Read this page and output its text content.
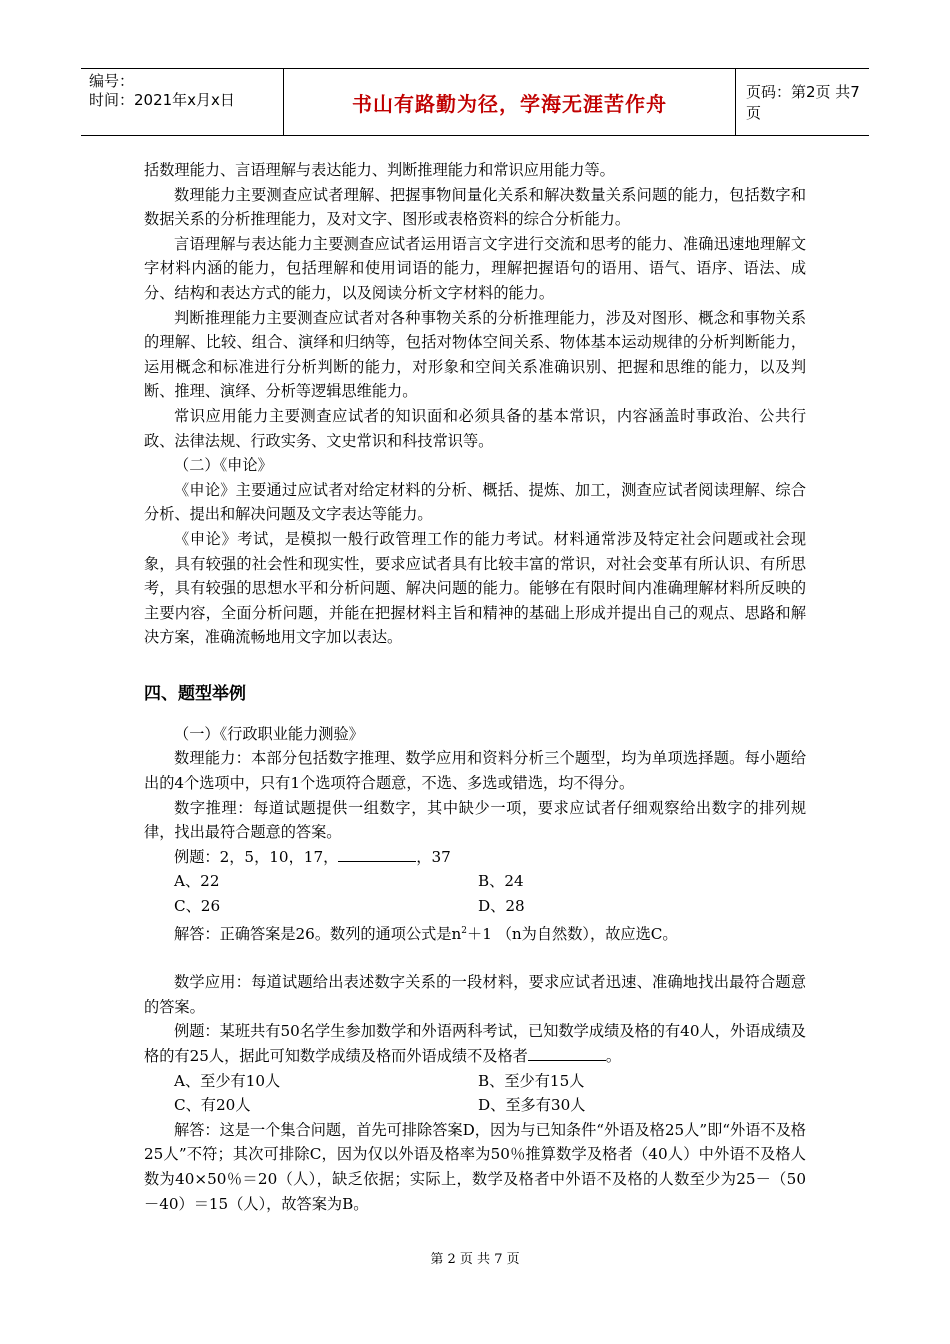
编号：
时间：2021年x月x日	书山有路勤为径，学海无涯苦作舟	页码：第2页 共7页

括数理能力、言语理解与表达能力、判断推理能力和常识应用能力等。

数理能力主要测查应试者理解、把握事物间量化关系和解决数量关系问题的能力，包括数字和数据关系的分析推理能力，及对文字、图形或表格资料的综合分析能力。

言语理解与表达能力主要测查应试者运用语言文字进行交流和思考的能力、准确迅速地理解文字材料内涵的能力，包括理解和使用词语的能力，理解把握语句的语用、语气、语序、语法、成分、结构和表达方式的能力，以及阅读分析文字材料的能力。

判断推理能力主要测查应试者对各种事物关系的分析推理能力，涉及对图形、概念和事物关系的理解、比较、组合、演绎和归纳等，包括对物体空间关系、物体基本运动规律的分析判断能力，运用概念和标准进行分析判断的能力，对形象和空间关系准确识别、把握和思维的能力，以及判断、推理、演绎、分析等逻辑思维能力。

常识应用能力主要测查应试者的知识面和必须具备的基本常识，内容涵盖时事政治、公共行政、法律法规、行政实务、文史常识和科技常识等。

（二）《申论》

《申论》主要通过应试者对给定材料的分析、概括、提炼、加工，测查应试者阅读理解、综合分析、提出和解决问题及文字表达等能力。

《申论》考试，是模拟一般行政管理工作的能力考试。材料通常涉及特定社会问题或社会现象，具有较强的社会性和现实性，要求应试者具有比较丰富的常识，对社会变革有所认识、有所思考，具有较强的思想水平和分析问题、解决问题的能力。能够在有限时间内准确理解材料所反映的主要内容，全面分析问题，并能在把握材料主旨和精神的基础上形成并提出自己的观点、思路和解决方案，准确流畅地用文字加以表达。

四、题型举例

（一）《行政职业能力测验》

数理能力：本部分包括数字推理、数学应用和资料分析三个题型，均为单项选择题。每小题给出的4个选项中，只有1个选项符合题意，不选、多选或错选，均不得分。

数字推理：每道试题提供一组数字，其中缺少一项，要求应试者仔细观察给出数字的排列规律，找出最符合题意的答案。

例题：2，5，10，17，	，37

A、22	B、24
C、26	D、28

解答：正确答案是26。数列的通项公式是$n^2+1$ （n为自然数），故应选C。

数学应用：每道试题给出表述数字关系的一段材料，要求应试者迅速、准确地找出最符合题意的答案。

例题：某班共有50名学生参加数学和外语两科考试，已知数学成绩及格的有40人，外语成绩及格的有25人，据此可知数学成绩及格而外语成绩不及格者	。

A、至少有10人	B、至少有15人
C、有20人	D、至多有30人

解答：这是一个集合问题，首先可排除答案D，因为与已知条件“外语及格25人”即“外语不及格25人”不符；其次可排除C，因为仅以外语及格率为50％推算数学及格者（40人）中外语不及格人数为40×50％＝20（人），缺乏依据；实际上，数学及格者中外语不及格的人数至少为25－（50－40）＝15（人），故答案为B。

第 2 页 共 7 页
